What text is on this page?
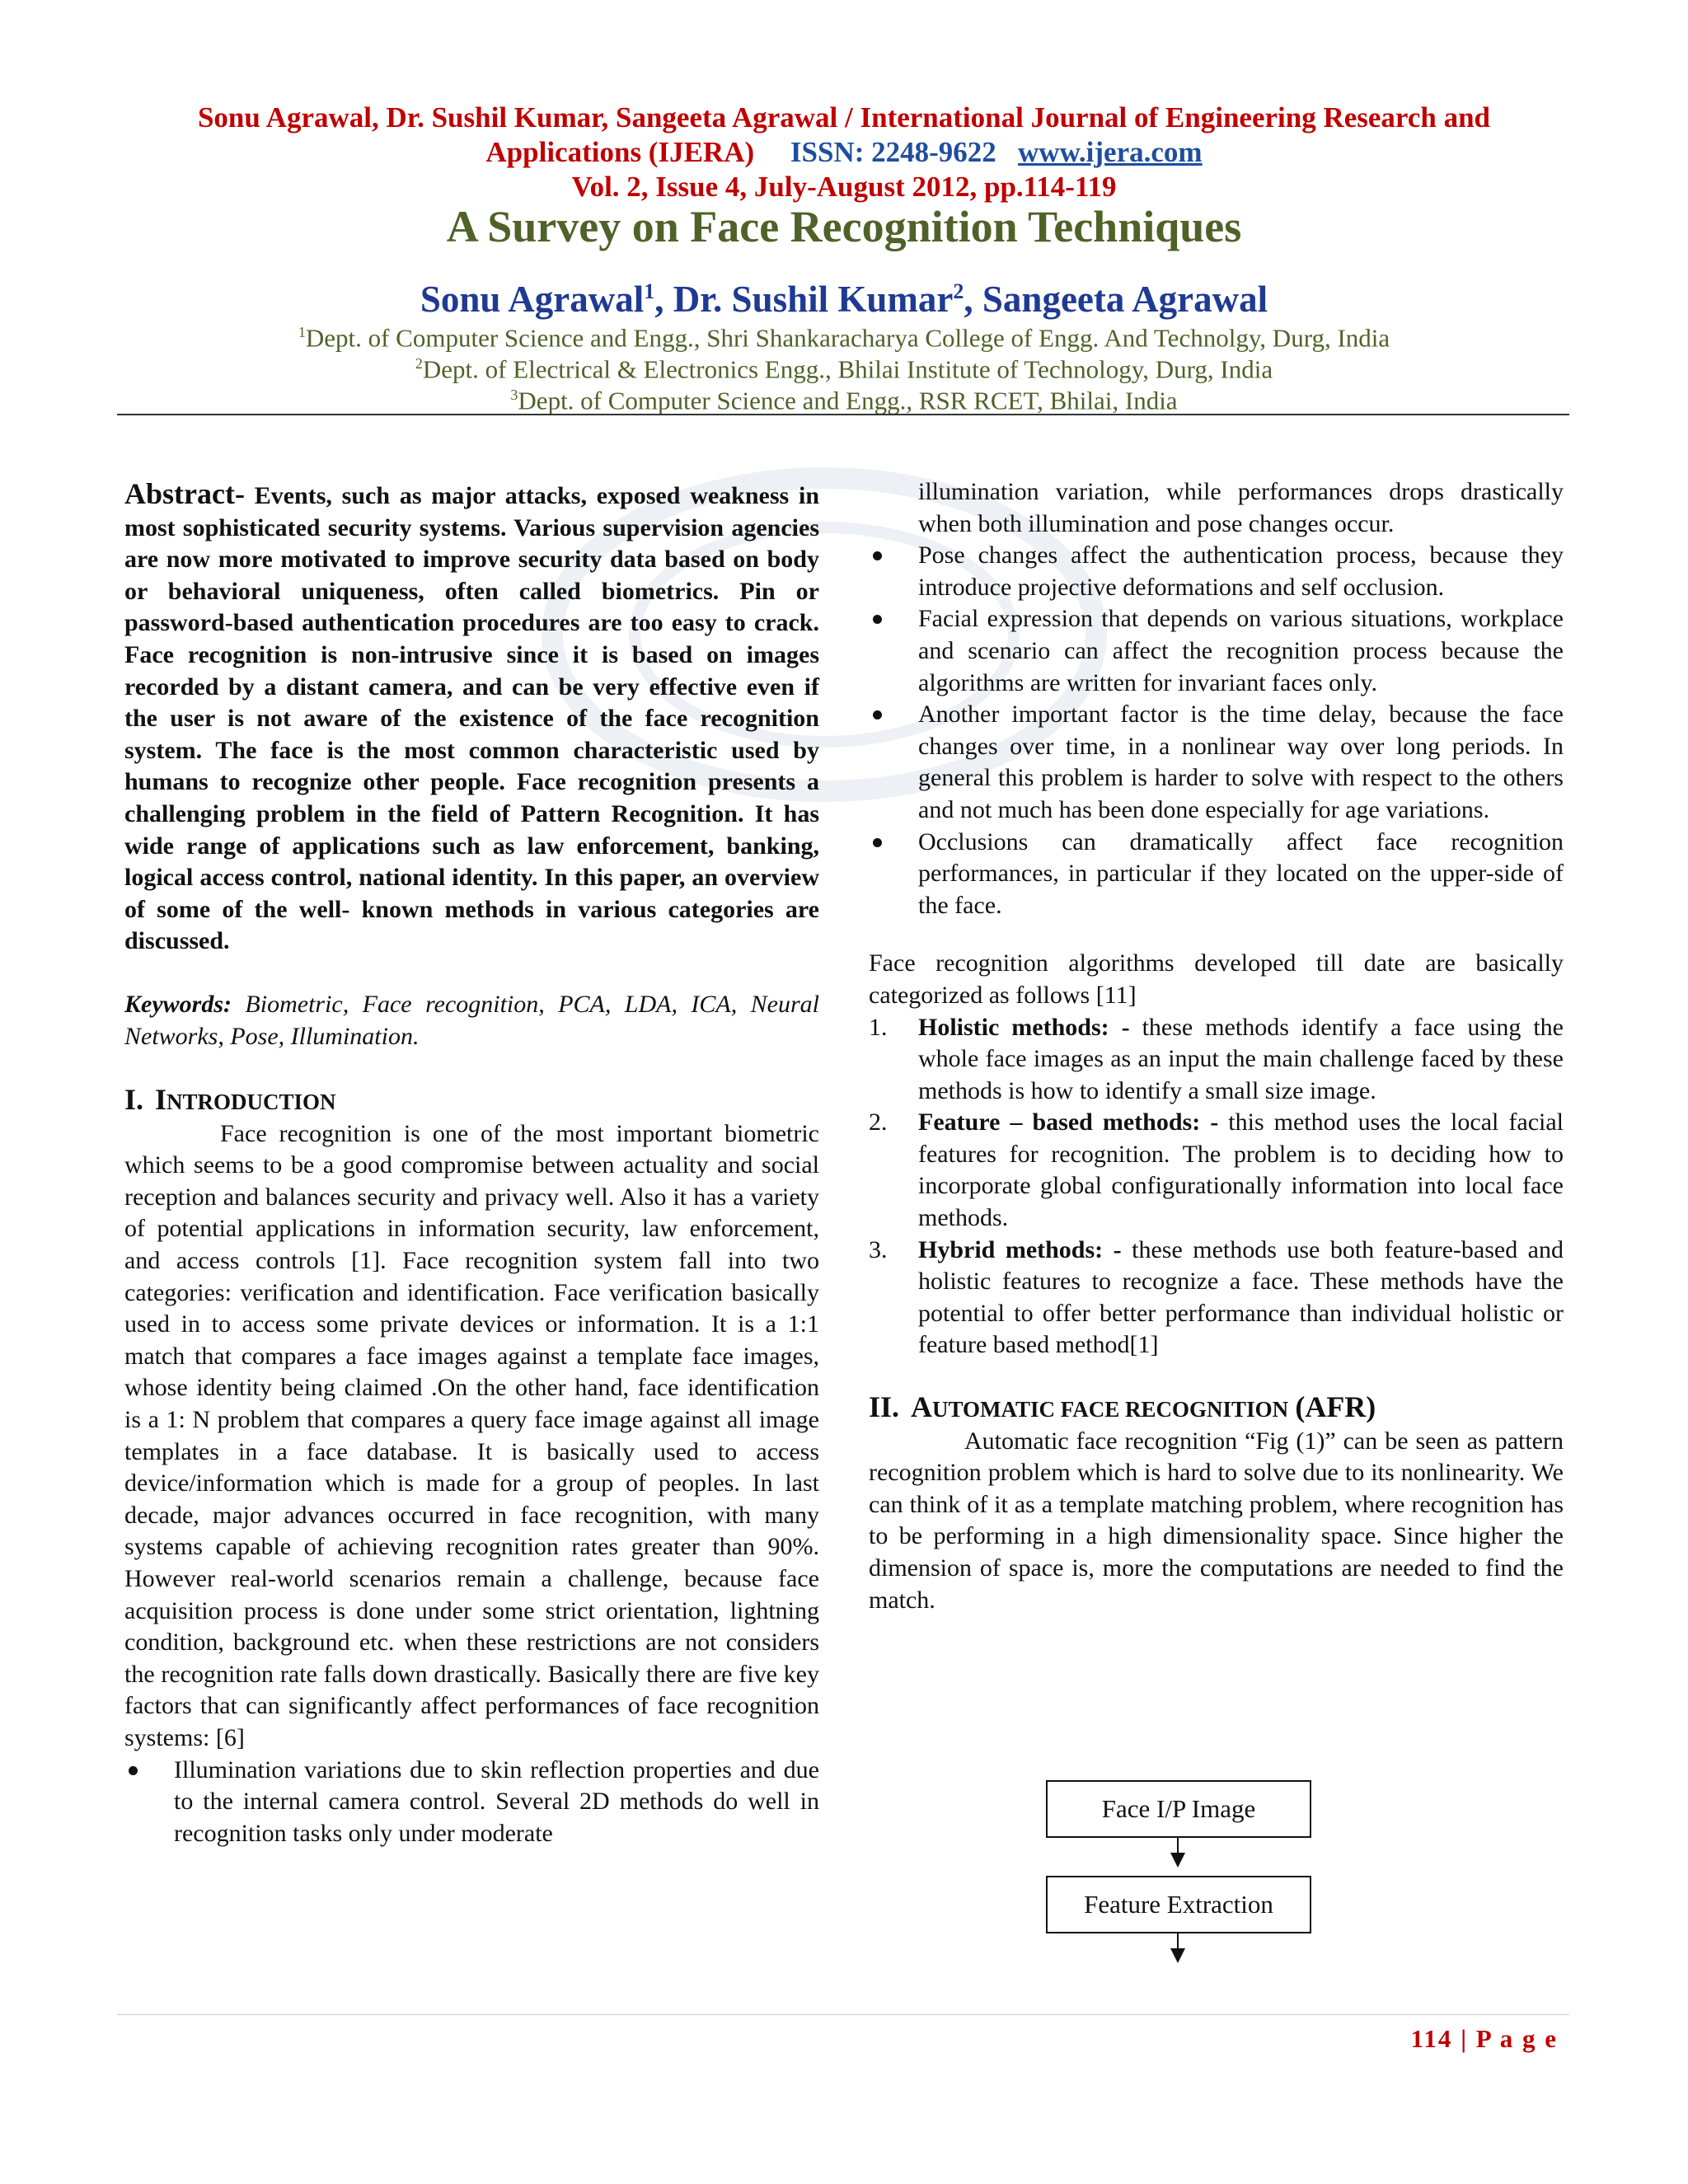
Sonu Agrawal, Dr. Sushil Kumar, Sangeeta Agrawal / International Journal of Engineering Research and
Applications (IJERA) ISSN: 2248-9622 www.ijera.com
Vol. 2, Issue 4, July-August 2012, pp.114-119
A Survey on Face Recognition Techniques
Sonu Agrawal$^1$, Dr. Sushil Kumar$^2$, Sangeeta Agrawal
$^1$Dept. of Computer Science and Engg., Shri Shankaracharya College of Engg. And Technolgy, Durg, India
$^2$Dept. of Electrical & Electronics Engg., Bhilai Institute of Technology, Durg, India
$^3$Dept. of Computer Science and Engg., RSR RCET, Bhilai, India

Abstract- Events, such as major attacks, exposed weakness in most sophisticated security systems. Various supervision agencies are now more motivated to improve security data based on body or behavioral uniqueness, often called biometrics. Pin or password-based authentication procedures are too easy to crack. Face recognition is non-intrusive since it is based on images recorded by a distant camera, and can be very effective even if the user is not aware of the existence of the face recognition system. The face is the most common characteristic used by humans to recognize other people. Face recognition presents a challenging problem in the field of Pattern Recognition. It has wide range of applications such as law enforcement, banking, logical access control, national identity. In this paper, an overview of some of the well- known methods in various categories are discussed.

Keywords: Biometric, Face recognition, PCA, LDA, ICA, Neural Networks, Pose, Illumination.

I. INTRODUCTION

Face recognition is one of the most important biometric which seems to be a good compromise between actuality and social reception and balances security and privacy well. Also it has a variety of potential applications in information security, law enforcement, and access controls [1]. Face recognition system fall into two categories: verification and identification. Face verification basically used in to access some private devices or information. It is a 1:1 match that compares a face images against a template face images, whose identity being claimed .On the other hand, face identification is a 1: N problem that compares a query face image against all image templates in a face database. It is basically used to access device/information which is made for a group of peoples. In last decade, major advances occurred in face recognition, with many systems capable of achieving recognition rates greater than 90%. However real-world scenarios remain a challenge, because face acquisition process is done under some strict orientation, lightning condition, background etc. when these restrictions are not considers the recognition rate falls down drastically. Basically there are five key factors that can significantly affect performances of face recognition systems: [6]

Illumination variations due to skin reflection properties and due to the internal camera control. Several 2D methods do well in recognition tasks only under moderate

illumination variation, while performances drops drastically when both illumination and pose changes occur.

Pose changes affect the authentication process, because they introduce projective deformations and self occlusion.
Facial expression that depends on various situations, workplace and scenario can affect the recognition process because the algorithms are written for invariant faces only.
Another important factor is the time delay, because the face changes over time, in a nonlinear way over long periods. In general this problem is harder to solve with respect to the others and not much has been done especially for age variations.
Occlusions can dramatically affect face recognition performances, in particular if they located on the upper-side of the face.

Face recognition algorithms developed till date are basically categorized as follows [11]

1. Holistic methods: - these methods identify a face using the whole face images as an input the main challenge faced by these methods is how to identify a small size image.
2. Feature – based methods: - this method uses the local facial features for recognition. The problem is to deciding how to incorporate global configurationally information into local face methods.
3. Hybrid methods: - these methods use both feature-based and holistic features to recognize a face. These methods have the potential to offer better performance than individual holistic or feature based method[1]

II. AUTOMATIC FACE RECOGNITION (AFR)

Automatic face recognition “Fig (1)” can be seen as pattern recognition problem which is hard to solve due to its nonlinearity. We can think of it as a template matching problem, where recognition has to be performing in a high dimensionality space. Since higher the dimension of space is, more the computations are needed to find the match.

Face I/P Image
Feature Extraction
114 | P a g e
